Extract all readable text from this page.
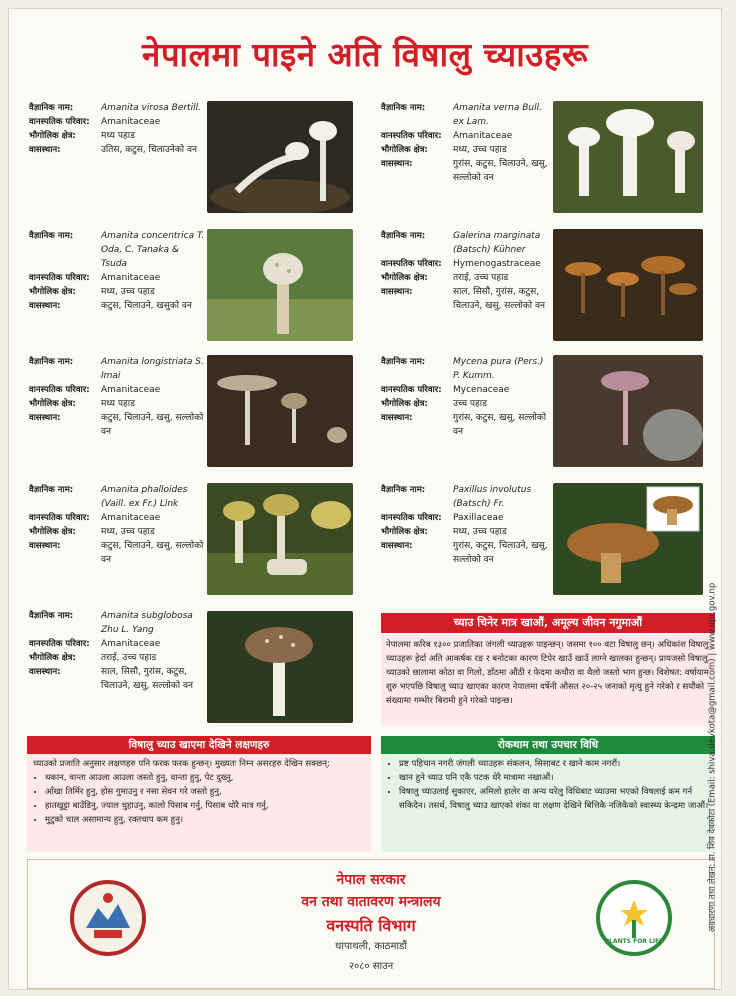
नेपालमा पाइने अति विषालु च्याउहरू
वैज्ञानिक नाम:	Amanita virosa Bertill.
वानस्पतिक परिवार:	Amanitaceae
भौगोलिक क्षेत्र:	मध्य पहाड
वासस्थान:	उतिस, कटुस, चिलाउनेको वन
वैज्ञानिक नाम:	Amanita concentrica T. Oda, C. Tanaka & Tsuda
वानस्पतिक परिवार:	Amanitaceae
भौगोलिक क्षेत्र:	मध्य, उच्च पहाड
वासस्थान:	कटुस, चिलाउने, खसुको वन
वैज्ञानिक नाम:	Amanita longistriata S. Imai
वानस्पतिक परिवार:	Amanitaceae
भौगोलिक क्षेत्र:	मध्य पहाड
वासस्थान:	कटुस, चिलाउने, खसु, सल्लोको वन
वैज्ञानिक नाम:	Amanita phalloides (Vaill. ex Fr.) Link
वानस्पतिक परिवार:	Amanitaceae
भौगोलिक क्षेत्र:	मध्य, उच्च पहाड
वासस्थान:	कटुस, चिलाउने, खसु, सल्लोको वन
वैज्ञानिक नाम:	Amanita subglobosa Zhu L. Yang
वानस्पतिक परिवार:	Amanitaceae
भौगोलिक क्षेत्र:	तराई, उच्च पहाड
वासस्थान:	साल, सिसौ, गुरांस, कटुस, चिलाउने, खसु, सल्लोको वन
वैज्ञानिक नाम:	Amanita verna Bull. ex Lam.
वानस्पतिक परिवार:	Amanitaceae
भौगोलिक क्षेत्र:	मध्य, उच्च पहाड
वासस्थान:	गुरांस, कटुस, चिलाउने, खसु, सल्लोको वन
वैज्ञानिक नाम:	Galerina marginata (Batsch) Kühner
वानस्पतिक परिवार:	Hymenogastraceae
भौगोलिक क्षेत्र:	तराई, उच्च पहाड
वासस्थान:	साल, सिसौ, गुरांस, कटुस, चिलाउने, खसु, सल्लोको वन
वैज्ञानिक नाम:	Mycena pura (Pers.) P. Kumm.
वानस्पतिक परिवार:	Mycenaceae
भौगोलिक क्षेत्र:	उच्च पहाड
वासस्थान:	गुरांस, कटुस, खसु, सल्लोको वन
वैज्ञानिक नाम:	Paxillus involutus (Batsch) Fr.
वानस्पतिक परिवार:	Paxillaceae
भौगोलिक क्षेत्र:	मध्य, उच्च पहाड
वासस्थान:	गुरांस, कटुस, चिलाउने, खसु, सल्लोको वन
च्याउ चिनेर मात्र खाऔं, अमूल्य जीवन नगुमाऔं
नेपालमा करिब १३०० प्रजातिका जंगली च्याउहरू पाइन्छन्। जसमा १०० वटा विषालु छन्। अधिकांश विषालु च्याउहरू हेर्दा अति आकर्षक रङ र बनोटका कारण टिपेर खाउँ खाउँ लाग्ने खालका हुन्छन्। प्रायजसो विषालु च्याउको छालामा कोठा वा गिलो, डाँठमा औंठी र फेदमा कचौरा वा थैलो जस्तो भाग हुन्छ। विशेषत: वर्षायाम शुरु भएपछि विषालु च्याउ खाएका कारण नेपालमा वर्षेनी औसत २०-२५ जनाको मृत्यु हुने गरेको र सयौंको संख्यामा गम्भीर बिरामी हुने गरेको पाइन्छ।
विषालु च्याउ खाएमा देखिने लक्षणहरु
च्याउको प्रजाति अनुसार लक्षणहरु पनि फरक फरक हुन्छन्। मुख्यतः निम्न असरहरु देखिन सक्छन्:
• थकान, वान्ता आउला आउला जस्तो हुनु, वान्ता हुनु, पेट दुख्नु,
• आँखा तिर्मिर हुनु, होस गुमाउनु र नसा सेवन गरे जस्तो हुनु,
• हातखुट्टा बाउँडिनु, ज्याल चुहाउनु, कालो पिसाब गर्नु, पिसाब थोरै मात्र गर्नु,
• मुटुको चाल असामान्य हुनु, रक्तचाप कम हुनु।
रोकथाम तथा उपचार विधि
• प्रष्ट पहिचान नगरी जंगली च्याउहरू संकलन, सिसाबट र खाने काम नगरौं।
• खान हुने च्याउ पनि एकै पटक धेरै मात्रामा नखाऔं।
• विषालु च्याउलाई सुकाएर, अमिलो हालेर वा अन्य घरेलु विधिबाट च्याउमा भएको विषलाई कम गर्न सकिदैन। तसर्थ, विषालु च्याउ खाएको शंका वा लक्षण देखिने बित्तिकै नजिकैको स्वास्थ्य केन्द्रमा जाऔं।
नेपाल सरकार
वन तथा वातावरण मन्त्रालय
वनस्पति विभाग
थापाथली, काठमाडौं
२०८० साउन
PLANTS FOR LIFE
अवधारणा तथा लेखन: डा. शिव देवकोटा (Email: shiva.devkota@gmail.com) | www.dpr.gov.np
